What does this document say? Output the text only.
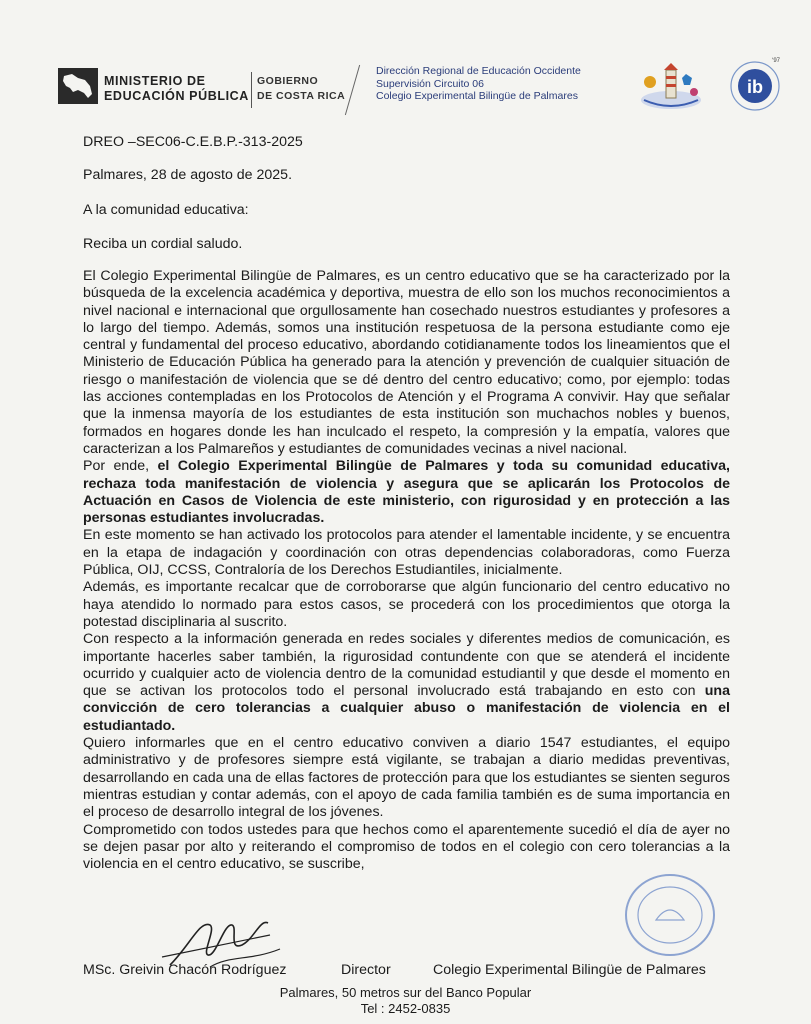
MINISTERIO DE
EDUCACIÓN PÚBLICA
GOBIERNO
DE COSTA RICA
Dirección Regional de Educación Occidente
Supervisión Circuito 06
Colegio Experimental Bilingüe de Palmares	ib
‘97
DREO –SEC06-C.E.B.P.-313-2025
Palmares, 28 de agosto de 2025.
A la comunidad educativa:
Reciba un cordial saludo.

El Colegio Experimental Bilingüe de Palmares, es un centro educativo que se ha caracterizado por la búsqueda de la excelencia académica y deportiva, muestra de ello son los muchos reconocimientos a nivel nacional e internacional que orgullosamente han cosechado nuestros estudiantes y profesores a lo largo del tiempo. Además, somos una institución respetuosa de la persona estudiante como eje central y fundamental del proceso educativo, abordando cotidianamente todos los lineamientos que el Ministerio de Educación Pública ha generado para la atención y prevención de cualquier situación de riesgo o manifestación de violencia que se dé dentro del centro educativo; como, por ejemplo: todas las acciones contempladas en los Protocolos de Atención y el Programa A convivir. Hay que señalar que la inmensa mayoría de los estudiantes de esta institución son muchachos nobles y buenos, formados en hogares donde les han inculcado el respeto, la compresión y la empatía, valores que caracterizan a los Palmareños y estudiantes de comunidades vecinas a nivel nacional.

Por ende, el Colegio Experimental Bilingüe de Palmares y toda su comunidad educativa, rechaza toda manifestación de violencia y asegura que se aplicarán los Protocolos de Actuación en Casos de Violencia de este ministerio, con rigurosidad y en protección a las personas estudiantes involucradas.

En este momento se han activado los protocolos para atender el lamentable incidente, y se encuentra en la etapa de indagación y coordinación con otras dependencias colaboradoras, como Fuerza Pública, OIJ, CCSS, Contraloría de los Derechos Estudiantiles, inicialmente.

Además, es importante recalcar que de corroborarse que algún funcionario del centro educativo no haya atendido lo normado para estos casos, se procederá con los procedimientos que otorga la potestad disciplinaria al suscrito.

Con respecto a la información generada en redes sociales y diferentes medios de comunicación, es importante hacerles saber también, la rigurosidad contundente con que se atenderá el incidente ocurrido y cualquier acto de violencia dentro de la comunidad estudiantil y que desde el momento en que se activan los protocolos todo el personal involucrado está trabajando en esto con una convicción de cero tolerancias a cualquier abuso o manifestación de violencia en el estudiantado.

Quiero informarles que en el centro educativo conviven a diario 1547 estudiantes, el equipo administrativo y de profesores siempre está vigilante, se trabajan a diario medidas preventivas, desarrollando en cada una de ellas factores de protección para que los estudiantes se sienten seguros mientras estudian y contar además, con el apoyo de cada familia también es de suma importancia en el proceso de desarrollo integral de los jóvenes.

Comprometido con todos ustedes para que hechos como el aparentemente sucedió el día de ayer no se dejen pasar por alto y reiterando el compromiso de todos en el colegio con cero tolerancias a la violencia en el centro educativo, se suscribe,

MSc. Greivin Chacón Rodríguez	Director	Colegio Experimental Bilingüe de Palmares
Palmares, 50 metros sur del Banco Popular
Tel : 2452-0835
